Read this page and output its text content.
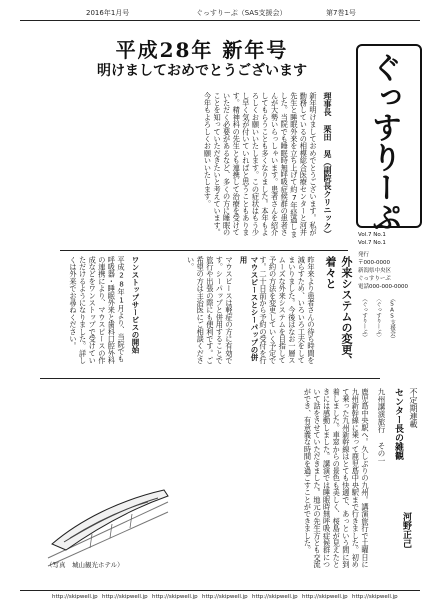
2016年1月号	ぐっすりーぷ（SAS支援会）	第7巻1号
平成28年 新年号
明けましておめでとうございます	ぐっすりーぷ
Vol.7 No.1
Vol.7 No.1
発行
〒000-0000
新潟県中央区
ぐっすりーぷ
電話000-000-0000
（ぐっすりーぷ） 〈ぐっすりーぷ〉 （SAS支援会）
理事長 栗田 晃（副院長クリニック）
新年明けましておめでとうございます。私が勤務しているの相模総合医療センターと河井先生と睡眠外来を立ち上げて約7年経過しました。当院でも睡眠時無呼吸症候群の患者さんが大勢いらっしゃいます。患者さんを紹介してもらうことも多くなりました。本年もよろしくお願いいたします。この症状はもう少し早く気が付いていればと思うこともあります。精神科の先生とも連携して治療を受けていただく必要があるなど、多くの方に睡眠のことを知っていただきたいと考えています。今年もよろしくお願いいたします。
外来システムの変更、着々と
昨年来より患者さんの待ち時間を減らすため、いろいろ工夫をしてまいりました。今後はなお一層スムーズな外来システムを目指して予約の方法を変更していく予定です。二十日前から予約の受付を行
マウスピースとシーパップの併用
マウスピースは軽症の方に有効です。シーパップと併用することで旅行や出張の際にも便利です。ご希望の方は主治医にご相談ください。
ワンストップサービスの開始
平成28年1月より、当院でも呼吸器・睡眠外来と歯科口腔外科の連携により、マウスピースの作成などをワンストップで受けていただけるようになりました。詳しくは外来でお尋ねください。
不定期連載
センター長の雑観
九州講演旅行 その一
河野正己
鹿児島中央駅へ。久しぶりの九州。講演旅行で土曜日に九州新幹線に乗って鹿児島中央駅まで行きました。初めて乗った九州新幹線はとても快適で、あっという間に到着しました。車窓からの景色も美しく、桜島が見えたときには感動しました。講演では睡眠時無呼吸症候群について話をさせていただきました。地元の先生方とも交流ができ、有意義な時間を過ごすことができました。
（写真　城山観光ホテル）
http://skipwell.jp http://skipwell.jp http://skipwell.jp http://skipwell.jp http://skipwell.jp http://skipwell.jp http://skipwell.jp
